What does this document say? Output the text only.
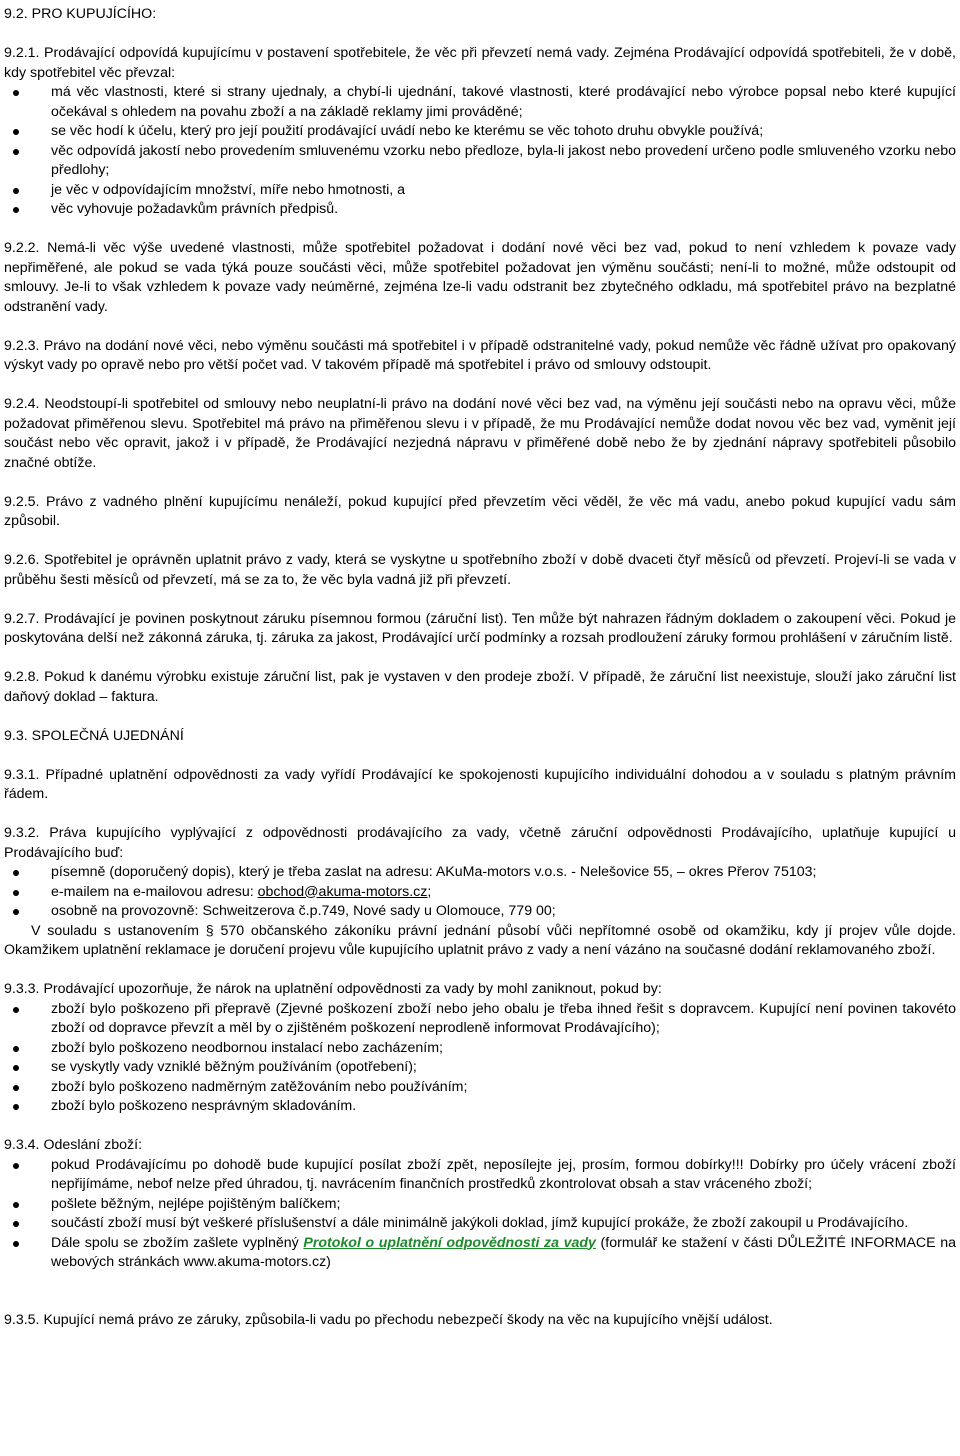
9.2. PRO KUPUJÍCÍHO:

9.2.1. Prodávající odpovídá kupujícímu v postavení spotřebitele, že věc při převzetí nemá vady. Zejména Prodávající odpovídá spotřebiteli, že v době, kdy spotřebitel věc převzal:

má věc vlastnosti, které si strany ujednaly, a chybí-li ujednání, takové vlastnosti, které prodávající nebo výrobce popsal nebo které kupující očekával s ohledem na povahu zboží a na základě reklamy jimi prováděné;
se věc hodí k účelu, který pro její použití prodávající uvádí nebo ke kterému se věc tohoto druhu obvykle používá;
věc odpovídá jakostí nebo provedením smluvenému vzorku nebo předloze, byla-li jakost nebo provedení určeno podle smluveného vzorku nebo předlohy;
je věc v odpovídajícím množství, míře nebo hmotnosti, a
věc vyhovuje požadavkům právních předpisů.

9.2.2. Nemá-li věc výše uvedené vlastnosti, může spotřebitel požadovat i dodání nové věci bez vad, pokud to není vzhledem k povaze vady nepřiměřené, ale pokud se vada týká pouze součásti věci, může spotřebitel požadovat jen výměnu součásti; není-li to možné, může odstoupit od smlouvy. Je-li to však vzhledem k povaze vady neúměrné, zejména lze-li vadu odstranit bez zbytečného odkladu, má spotřebitel právo na bezplatné odstranění vady.

9.2.3. Právo na dodání nové věci, nebo výměnu součásti má spotřebitel i v případě odstranitelné vady, pokud nemůže věc řádně užívat pro opakovaný výskyt vady po opravě nebo pro větší počet vad. V takovém případě má spotřebitel i právo od smlouvy odstoupit.

9.2.4. Neodstoupí-li spotřebitel od smlouvy nebo neuplatní-li právo na dodání nové věci bez vad, na výměnu její součásti nebo na opravu věci, může požadovat přiměřenou slevu. Spotřebitel má právo na přiměřenou slevu i v případě, že mu Prodávající nemůže dodat novou věc bez vad, vyměnit její součást nebo věc opravit, jakož i v případě, že Prodávající nezjedná nápravu v přiměřené době nebo že by zjednání nápravy spotřebiteli působilo značné obtíže.

9.2.5. Právo z vadného plnění kupujícímu nenáleží, pokud kupující před převzetím věci věděl, že věc má vadu, anebo pokud kupující vadu sám způsobil.

9.2.6. Spotřebitel je oprávněn uplatnit právo z vady, která se vyskytne u spotřebního zboží v době dvaceti čtyř měsíců od převzetí. Projeví-li se vada v průběhu šesti měsíců od převzetí, má se za to, že věc byla vadná již při převzetí.

9.2.7. Prodávající je povinen poskytnout záruku písemnou formou (záruční list). Ten může být nahrazen řádným dokladem o zakoupení věci. Pokud je poskytována delší než zákonná záruka, tj. záruka za jakost, Prodávající určí podmínky a rozsah prodloužení záruky formou prohlášení v záručním listě.

9.2.8. Pokud k danému výrobku existuje záruční list, pak je vystaven v den prodeje zboží. V případě, že záruční list neexistuje, slouží jako záruční list daňový doklad – faktura.

9.3. SPOLEČNÁ UJEDNÁNÍ

9.3.1. Případné uplatnění odpovědnosti za vady vyřídí Prodávající ke spokojenosti kupujícího individuální dohodou a v souladu s platným právním řádem.

9.3.2. Práva kupujícího vyplývající z odpovědnosti prodávajícího za vady, včetně záruční odpovědnosti Prodávajícího, uplatňuje kupující u Prodávajícího buď:

písemně (doporučený dopis), který je třeba zaslat na adresu: AKuMa-motors v.o.s. - Nelešovice 55, – okres Přerov 75103;
e-mailem na e-mailovou adresu: obchod@akuma-motors.cz;
osobně na provozovně: Schweitzerova č.p.749, Nové sady u Olomouce, 779 00;

V souladu s ustanovením § 570 občanského zákoníku právní jednání působí vůči nepřítomné osobě od okamžiku, kdy jí projev vůle dojde. Okamžikem uplatnění reklamace je doručení projevu vůle kupujícího uplatnit právo z vady a není vázáno na současné dodání reklamovaného zboží.

9.3.3. Prodávající upozorňuje, že nárok na uplatnění odpovědnosti za vady by mohl zaniknout, pokud by:

zboží bylo poškozeno při přepravě (Zjevné poškození zboží nebo jeho obalu je třeba ihned řešit s dopravcem. Kupující není povinen takovéto zboží od dopravce převzít a měl by o zjištěném poškození neprodleně informovat Prodávajícího);
zboží bylo poškozeno neodbornou instalací nebo zacházením;
se vyskytly vady vzniklé běžným používáním (opotřebení);
zboží bylo poškozeno nadměrným zatěžováním nebo používáním;
zboží bylo poškozeno nesprávným skladováním.

9.3.4. Odeslání zboží:

pokud Prodávajícímu po dohodě bude kupující posílat zboží zpět, neposílejte jej, prosím, formou dobírky!!! Dobírky pro účely vrácení zboží nepřijímáme, nebof nelze před úhradou, tj. navrácením finančních prostředků zkontrolovat obsah a stav vráceného zboží;
pošlete běžným, nejlépe pojištěným balíčkem;
součástí zboží musí být veškeré příslušenství a dále minimálně jakýkoli doklad, jímž kupující prokáže, že zboží zakoupil u Prodávajícího.
Dále spolu se zbožím zašlete vyplněný Protokol o uplatnění odpovědnosti za vady (formulář ke stažení v části DŮLEŽITÉ INFORMACE na webových stránkách www.akuma-motors.cz)

9.3.5. Kupující nemá právo ze záruky, způsobila-li vadu po přechodu nebezpečí škody na věc na kupujícího vnější událost.
